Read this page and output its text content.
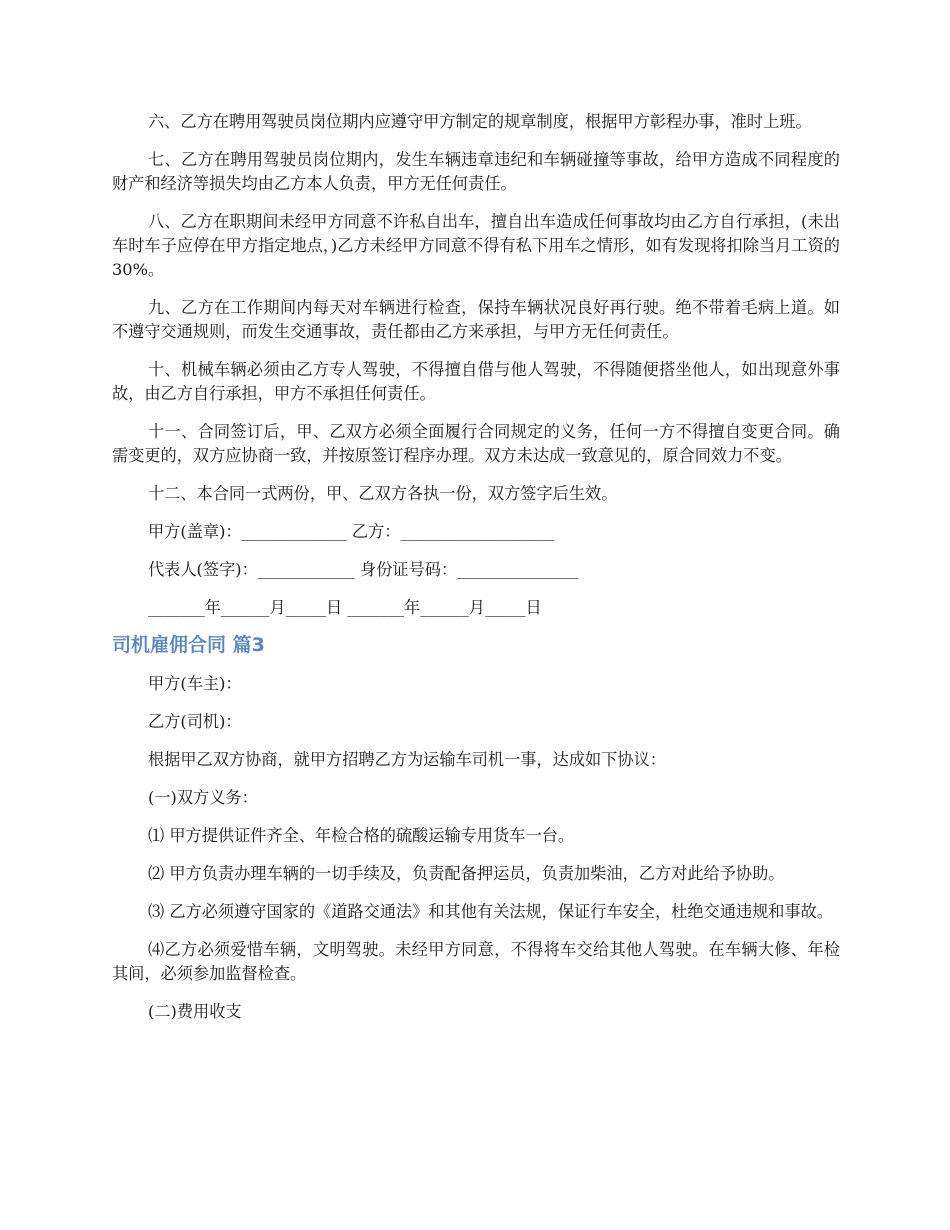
六、乙方在聘用驾驶员岗位期内应遵守甲方制定的规章制度，根据甲方彰程办事，准时上班。

七、乙方在聘用驾驶员岗位期内，发生车辆违章违纪和车辆碰撞等事故，给甲方造成不同程度的财产和经济等损失均由乙方本人负责，甲方无任何责任。

八、乙方在职期间未经甲方同意不许私自出车，擅自出车造成任何事故均由乙方自行承担，(未出车时车子应停在甲方指定地点，)乙方未经甲方同意不得有私下用车之情形，如有发现将扣除当月工资的30%。

九、乙方在工作期间内每天对车辆进行检查，保持车辆状况良好再行驶。绝不带着毛病上道。如不遵守交通规则，而发生交通事故，责任都由乙方来承担，与甲方无任何责任。

十、机械车辆必须由乙方专人驾驶，不得擅自借与他人驾驶，不得随便搭坐他人，如出现意外事故，由乙方自行承担，甲方不承担任何责任。

十一、合同签订后，甲、乙双方必须全面履行合同规定的义务，任何一方不得擅自变更合同。确需变更的，双方应协商一致，并按原签订程序办理。双方未达成一致意见的，原合同效力不变。

十二、本合同一式两份，甲、乙双方各执一份，双方签字后生效。

甲方(盖章)：_____________ 乙方：___________________

代表人(签字)：____________ 身份证号码：_______________

_______年______月_____日 _______年______月_____日

司机雇佣合同 篇3

甲方(车主)：

乙方(司机)：

根据甲乙双方协商，就甲方招聘乙方为运输车司机一事，达成如下协议：

(一)双方义务：

⑴ 甲方提供证件齐全、年检合格的硫酸运输专用货车一台。

⑵ 甲方负责办理车辆的一切手续及，负责配备押运员，负责加柴油，乙方对此给予协助。

⑶ 乙方必须遵守国家的《道路交通法》和其他有关法规，保证行车安全，杜绝交通违规和事故。

⑷乙方必须爱惜车辆，文明驾驶。未经甲方同意，不得将车交给其他人驾驶。在车辆大修、年检其间，必须参加监督检查。

(二)费用收支
